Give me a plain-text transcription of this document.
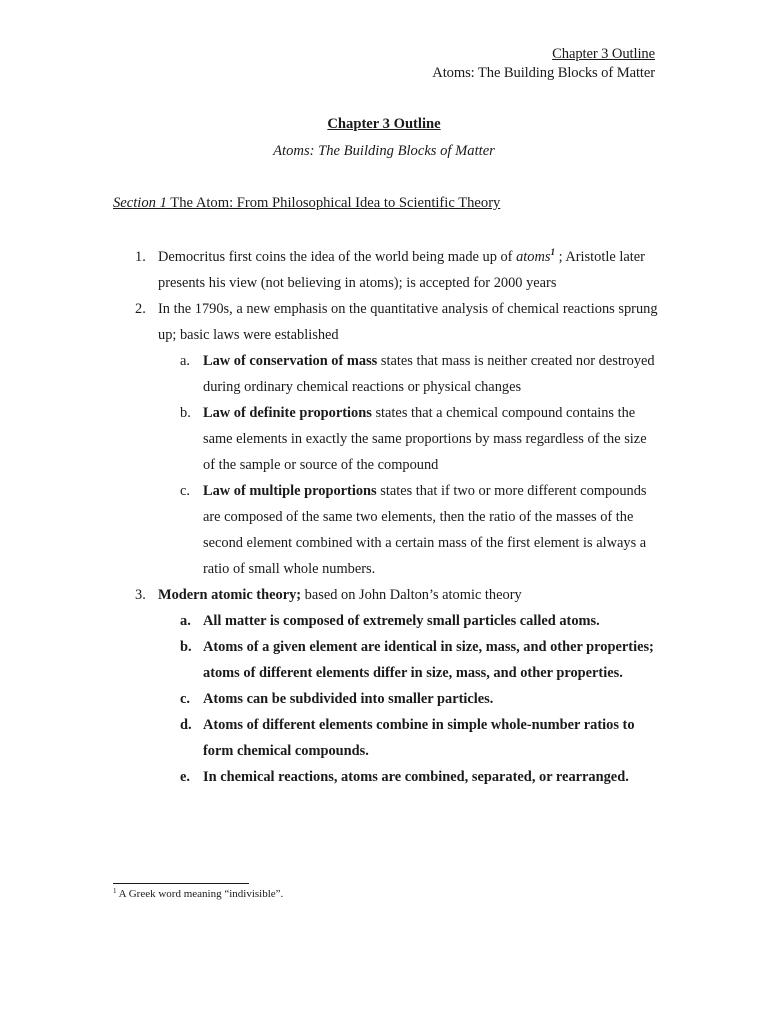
Chapter 3 Outline
Atoms: The Building Blocks of Matter
Chapter 3 Outline
Atoms: The Building Blocks of Matter
Section 1 The Atom: From Philosophical Idea to Scientific Theory
1. Democritus first coins the idea of the world being made up of atoms$^1$ ; Aristotle later presents his view (not believing in atoms); is accepted for 2000 years
2. In the 1790s, a new emphasis on the quantitative analysis of chemical reactions sprung up; basic laws were established
a. Law of conservation of mass states that mass is neither created nor destroyed during ordinary chemical reactions or physical changes
b. Law of definite proportions states that a chemical compound contains the same elements in exactly the same proportions by mass regardless of the size of the sample or source of the compound
c. Law of multiple proportions states that if two or more different compounds are composed of the same two elements, then the ratio of the masses of the second element combined with a certain mass of the first element is always a ratio of small whole numbers.
3. Modern atomic theory; based on John Dalton’s atomic theory
a. All matter is composed of extremely small particles called atoms.
b. Atoms of a given element are identical in size, mass, and other properties; atoms of different elements differ in size, mass, and other properties.
c. Atoms can be subdivided into smaller particles.
d. Atoms of different elements combine in simple whole-number ratios to form chemical compounds.
e. In chemical reactions, atoms are combined, separated, or rearranged.
$^1$ A Greek word meaning “indivisible”.
